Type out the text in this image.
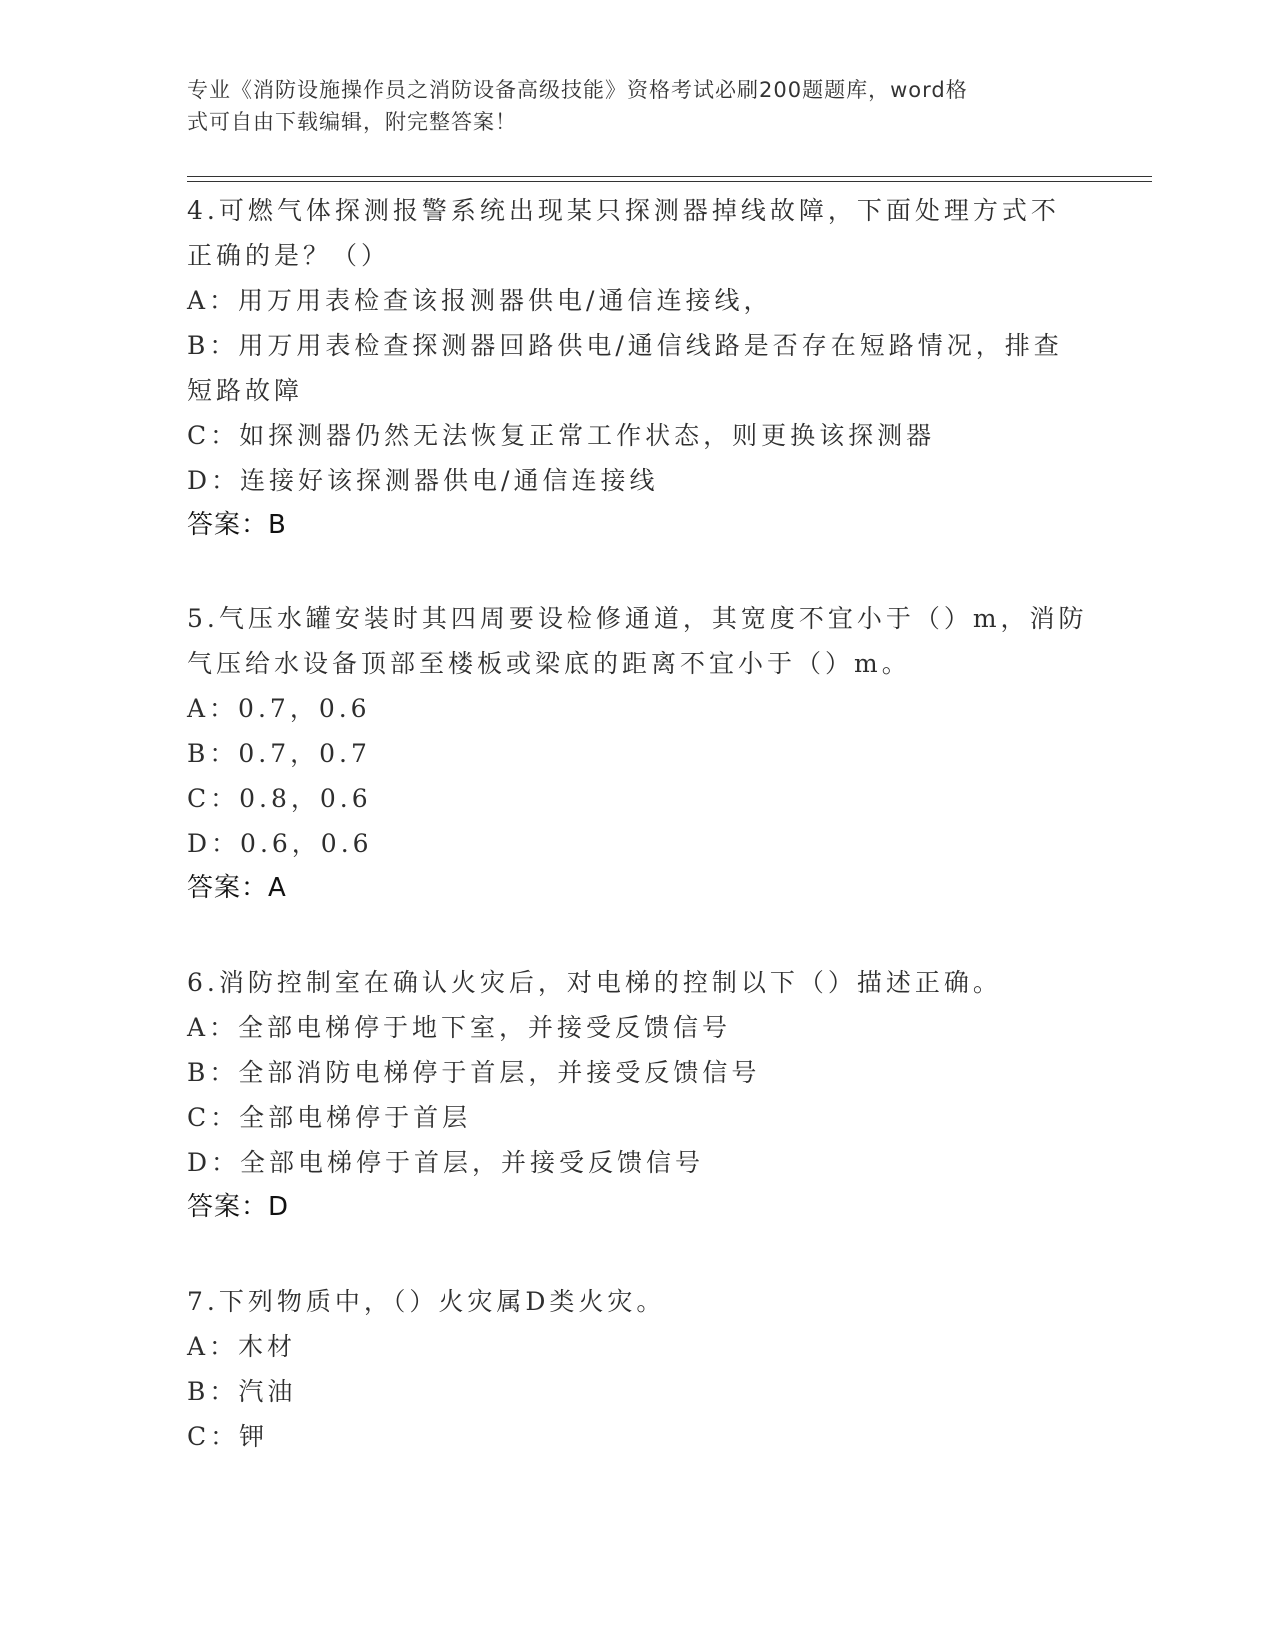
专业《消防设施操作员之消防设备高级技能》资格考试必刷200题题库，word格
式可自由下载编辑，附完整答案！
4.可燃气体探测报警系统出现某只探测器掉线故障，下面处理方式不
正确的是？（）
A：用万用表检查该报测器供电/通信连接线，
B：用万用表检查探测器回路供电/通信线路是否存在短路情况，排查
短路故障
C：如探测器仍然无法恢复正常工作状态，则更换该探测器
D：连接好该探测器供电/通信连接线
答案：B
5.气压水罐安装时其四周要设检修通道，其宽度不宜小于（）m，消防
气压给水设备顶部至楼板或梁底的距离不宜小于（）m。
A：0.7，0.6
B：0.7，0.7
C：0.8，0.6
D：0.6，0.6
答案：A
6.消防控制室在确认火灾后，对电梯的控制以下（）描述正确。
A：全部电梯停于地下室，并接受反馈信号
B：全部消防电梯停于首层，并接受反馈信号
C：全部电梯停于首层
D：全部电梯停于首层，并接受反馈信号
答案：D
7.下列物质中，（）火灾属D类火灾。
A：木材
B：汽油
C：钾
